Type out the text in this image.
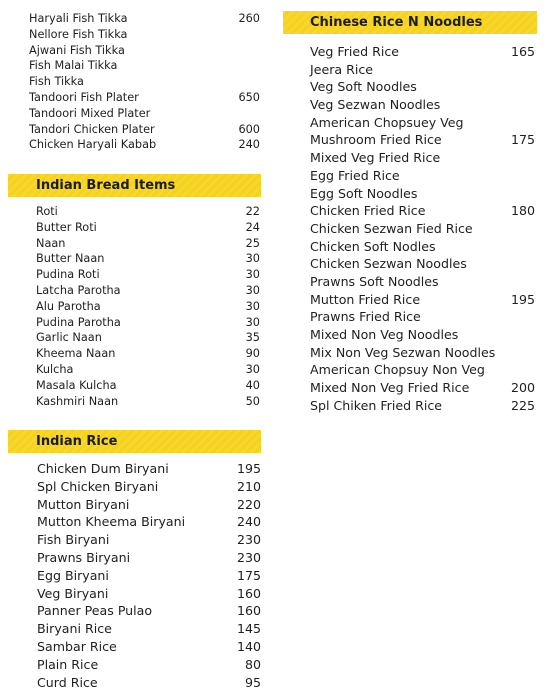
Haryali Fish Tikka	260
Nellore Fish Tikka
Ajwani Fish Tikka
Fish Malai Tikka
Fish Tikka
Tandoori Fish Plater	650
Tandoori Mixed Plater
Tandori Chicken Plater	600
Chicken Haryali Kabab	240
Indian Bread Items
Roti	22
Butter Roti	24
Naan	25
Butter Naan	30
Pudina Roti	30
Latcha Parotha	30
Alu Parotha	30
Pudina Parotha	30
Garlic Naan	35
Kheema Naan	90
Kulcha	30
Masala Kulcha	40
Kashmiri Naan	50
Indian Rice
Chicken Dum Biryani	195
Spl Chicken Biryani	210
Mutton Biryani	220
Mutton Kheema Biryani	240
Fish Biryani	230
Prawns Biryani	230
Egg Biryani	175
Veg Biryani	160
Panner Peas Pulao	160
Biryani Rice	145
Sambar Rice	140
Plain Rice	80
Curd Rice	95
Chinese Rice N Noodles
Veg Fried Rice	165
Jeera Rice
Veg Soft Noodles
Veg Sezwan Noodles
American Chopsuey Veg
Mushroom Fried Rice	175
Mixed Veg Fried Rice
Egg Fried Rice
Egg Soft Noodles
Chicken Fried Rice	180
Chicken Sezwan Fied Rice
Chicken Soft Nodles
Chicken Sezwan Noodles
Prawns Soft Noodles
Mutton Fried Rice	195
Prawns Fried Rice
Mixed Non Veg Noodles
Mix Non Veg Sezwan Noodles
American Chopsuy Non Veg
Mixed Non Veg Fried Rice	200
Spl Chiken Fried Rice	225
